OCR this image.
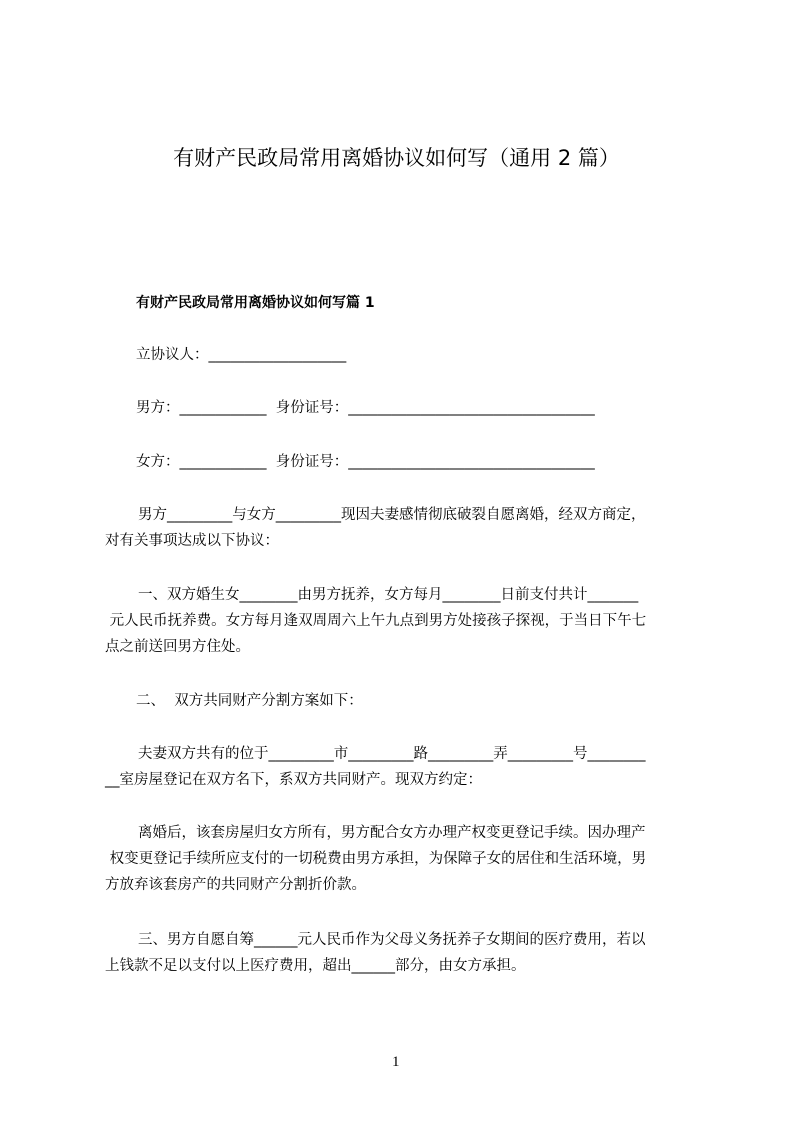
有财产民政局常用离婚协议如何写（通用 2 篇）
有财产民政局常用离婚协议如何写篇 1
立协议人：___________________
男方：____________  身份证号：__________________________________
女方：____________  身份证号：__________________________________
男方_________与女方_________现因夫妻感情彻底破裂自愿离婚，经双方商定，
对有关事项达成以下协议：
一、双方婚生女________由男方抚养，女方每月________日前支付共计_______
元人民币抚养费。女方每月逢双周周六上午九点到男方处接孩子探视，于当日下午七
点之前送回男方住处。
二、  双方共同财产分割方案如下：
夫妻双方共有的位于_________市_________路_________弄_________号________
__室房屋登记在双方名下，系双方共同财产。现双方约定：
离婚后，该套房屋归女方所有，男方配合女方办理产权变更登记手续。因办理产
权变更登记手续所应支付的一切税费由男方承担，为保障子女的居住和生活环境，男
方放弃该套房产的共同财产分割折价款。
三、男方自愿自筹______元人民币作为父母义务抚养子女期间的医疗费用，若以
上钱款不足以支付以上医疗费用，超出______部分，由女方承担。
1
